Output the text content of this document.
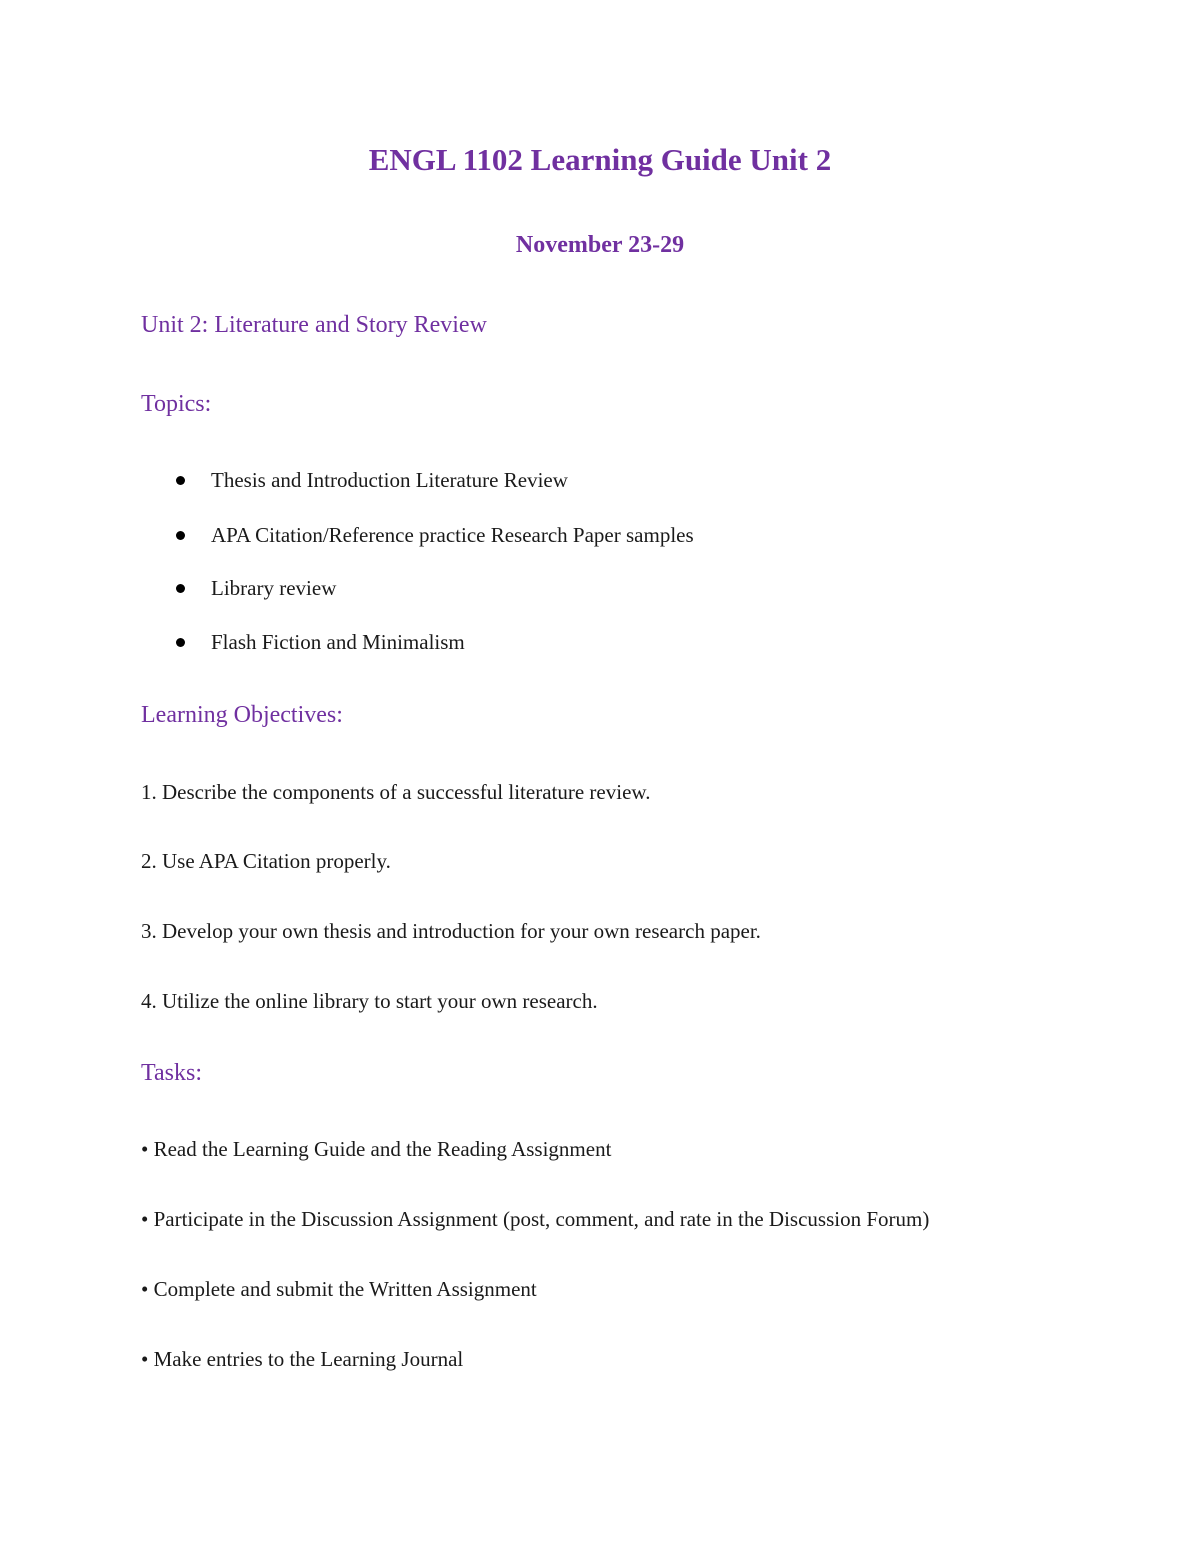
ENGL 1102 Learning Guide Unit 2
November 23-29
Unit 2: Literature and Story Review
Topics:
Thesis and Introduction Literature Review
APA Citation/Reference practice Research Paper samples
Library review
Flash Fiction and Minimalism
Learning Objectives:

1. Describe the components of a successful literature review.

2. Use APA Citation properly.

3. Develop your own thesis and introduction for your own research paper.

4. Utilize the online library to start your own research.

Tasks:

• Read the Learning Guide and the Reading Assignment

• Participate in the Discussion Assignment (post, comment, and rate in the Discussion Forum)

• Complete and submit the Written Assignment

• Make entries to the Learning Journal
